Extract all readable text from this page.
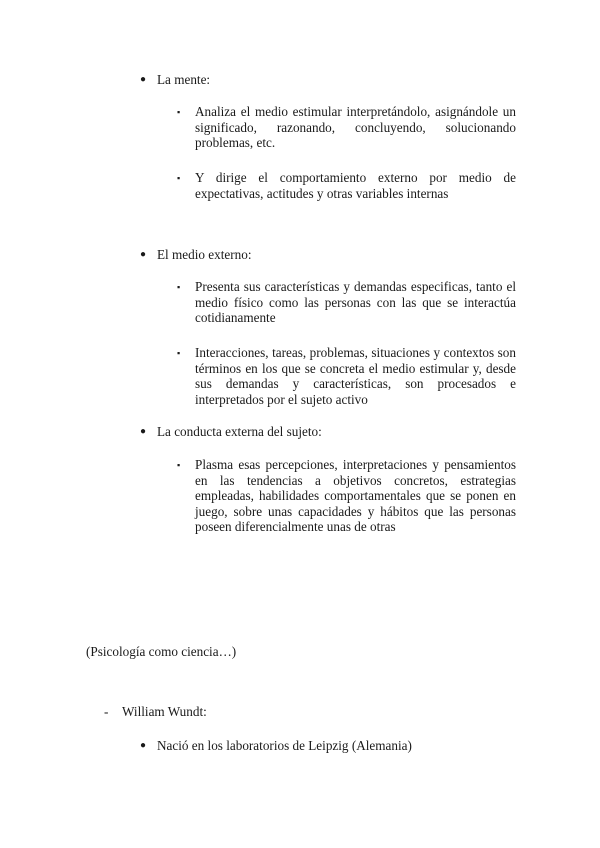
● La mente:
▪	Analiza el medio estimular interpretándolo, asignándole un significado, razonando, concluyendo, solucionando problemas, etc.
▪	Y dirige el comportamiento externo por medio de expectativas, actitudes y otras variables internas
● El medio externo:
▪	Presenta sus características y demandas especificas, tanto el medio físico como las personas con las que se interactúa cotidianamente
▪	Interacciones, tareas, problemas, situaciones y contextos son términos en los que se concreta el medio estimular y, desde sus demandas y características, son procesados e interpretados por el sujeto activo
● La conducta externa del sujeto:
▪	Plasma esas percepciones, interpretaciones y pensamientos en las tendencias a objetivos concretos, estrategias empleadas, habilidades comportamentales que se ponen en juego, sobre unas capacidades y hábitos que las personas poseen diferencialmente unas de otras
(Psicología como ciencia…)
-	William Wundt:
● Nació en los laboratorios de Leipzig (Alemania)
